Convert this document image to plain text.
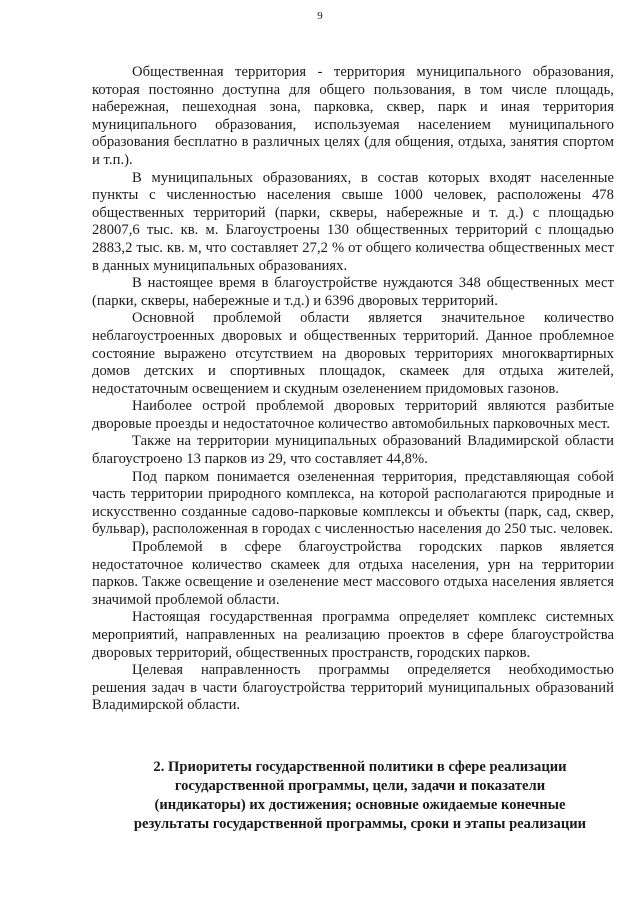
9

Общественная территория - территория муниципального образования, которая постоянно доступна для общего пользования, в том числе площадь, набережная, пешеходная зона, парковка, сквер, парк и иная территория муниципального образования, используемая населением муниципального образования бесплатно в различных целях (для общения, отдыха, занятия спортом и т.п.).

В муниципальных образованиях, в состав которых входят населенные пункты с численностью населения свыше 1000 человек, расположены 478 общественных территорий (парки, скверы, набережные и т. д.) с площадью 28007,6 тыс. кв. м. Благоустроены 130 общественных территорий с площадью 2883,2 тыс. кв. м, что составляет 27,2 % от общего количества общественных мест в данных муниципальных образованиях.

В настоящее время в благоустройстве нуждаются 348 общественных мест (парки, скверы, набережные и т.д.) и 6396 дворовых территорий.

Основной проблемой области является значительное количество неблагоустроенных дворовых и общественных территорий. Данное проблемное состояние выражено отсутствием на дворовых территориях многоквартирных домов детских и спортивных площадок, скамеек для отдыха жителей, недостаточным освещением и скудным озеленением придомовых газонов.

Наиболее острой проблемой дворовых территорий являются разбитые дворовые проезды и недостаточное количество автомобильных парковочных мест.

Также на территории муниципальных образований Владимирской области благоустроено 13 парков из 29, что составляет 44,8%.

Под парком понимается озелененная территория, представляющая собой часть территории природного комплекса, на которой располагаются природные и искусственно созданные садово-парковые комплексы и объекты (парк, сад, сквер, бульвар), расположенная в городах с численностью населения до 250 тыс. человек.

Проблемой в сфере благоустройства городских парков является недостаточное количество скамеек для отдыха населения, урн на территории парков. Также освещение и озеленение мест массового отдыха населения является значимой проблемой области.

Настоящая государственная программа определяет комплекс системных мероприятий, направленных на реализацию проектов в сфере благоустройства дворовых территорий, общественных пространств, городских парков.

Целевая направленность программы определяется необходимостью решения задач в части благоустройства территорий муниципальных образований Владимирской области.

2. Приоритеты государственной политики в сфере реализации
государственной программы, цели, задачи и показатели
(индикаторы) их достижения; основные ожидаемые конечные
результаты государственной программы, сроки и этапы реализации
